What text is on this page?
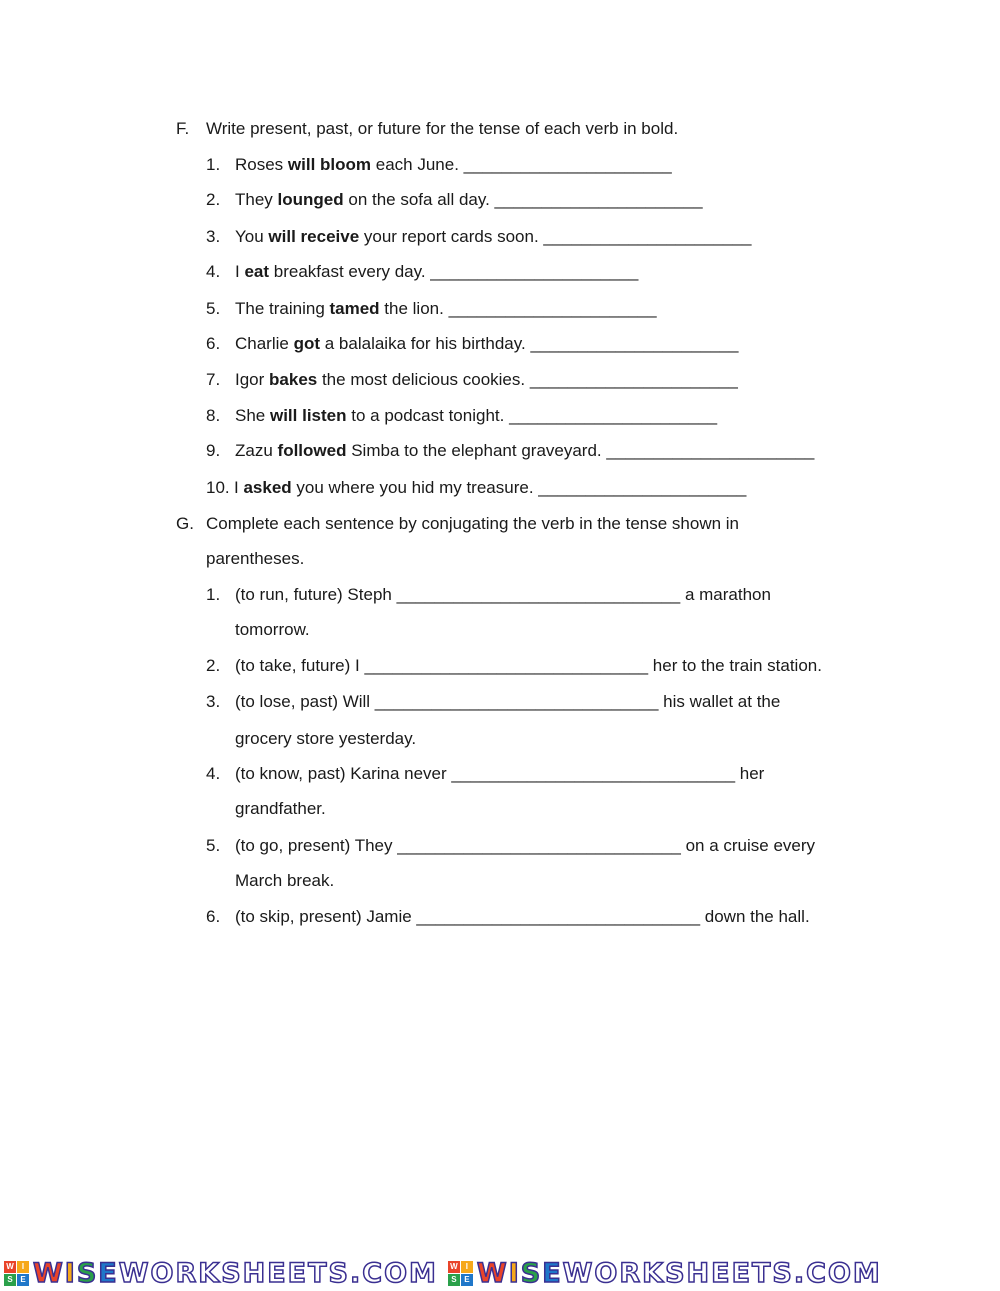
F. Write present, past, or future for the tense of each verb in bold.
1. Roses will bloom each June. ______________________
2. They lounged on the sofa all day. ______________________
3. You will receive your report cards soon. ______________________
4. I eat breakfast every day. ______________________
5. The training tamed the lion. ______________________
6. Charlie got a balalaika for his birthday. ______________________
7. Igor bakes the most delicious cookies. ______________________
8. She will listen to a podcast tonight. ______________________
9. Zazu followed Simba to the elephant graveyard. ______________________
10. I asked you where you hid my treasure. ______________________
G. Complete each sentence by conjugating the verb in the tense shown in
parentheses.
1. (to run, future) Steph ______________________________ a marathon
tomorrow.
2. (to take, future) I ______________________________ her to the train station.
3. (to lose, past) Will ______________________________ his wallet at the
grocery store yesterday.
4. (to know, past) Karina never ______________________________ her
grandfather.
5. (to go, present) They ______________________________ on a cruise every
March break.
6. (to skip, present) Jamie ______________________________ down the hall.
W	I
S E WISEWORKSHEETS.COM W	I
S E WISEWORKSHEETS.COM
